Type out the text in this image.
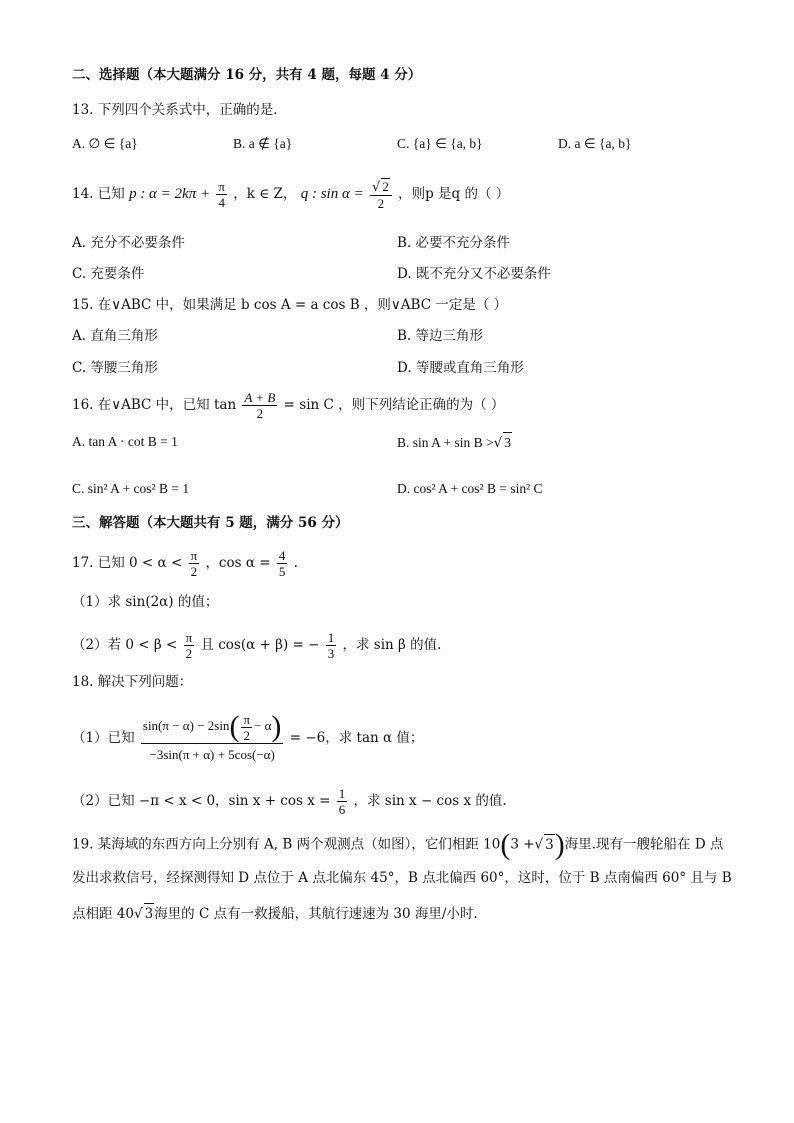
二、选择题（本大题满分 16 分，共有 4 题，每题 4 分）
13. 下列四个关系式中，正确的是.
A. ∅ ∈ {a}	B. a ∉ {a}	C. {a} ∈ {a, b}	D. a ∈ {a, b}
14. 已知 p : $\alpha = 2k\pi + \frac{\pi}{4}$ ，k ∈ Z， q : $\sin \alpha = \frac{√ 2}{2}$ ，则p 是q 的（ ）
A. 充分不必要条件	B. 必要不充分条件
C. 充要条件	D. 既不充分又不必要条件
15. 在∨ABC 中，如果满足 b cos A = a cos B ，则∨ABC 一定是（ ）
A. 直角三角形	B. 等边三角形
C. 等腰三角形	D. 等腰或直角三角形
16. 在∨ABC 中，已知 $\tan \frac{A + B}{2} = \sin C$ ，则下列结论正确的为（ ）
A. tan A · cot B = 1	B. sin A + sin B >√ 3
C. sin² A + cos² B = 1	D. cos² A + cos² B = sin² C
三、解答题（本大题共有 5 题，满分 56 分）
17. 已知 $0 < \alpha < \frac{\pi}{2}$ ，$\cos \alpha = \frac{4}{5}$ .
（1）求 sin(2α) 的值；
（2）若 $0 < \beta < \frac{\pi}{2}$ 且 cos(α + β) = − $\frac{1}{3}$ ，求 sin β 的值.
18. 解决下列问题：
（1）已知 $\frac{\sin(\pi - \alpha) - 2\sin( \frac{\pi}{2} - \alpha)}{-3\sin(\pi + \alpha) + 5\cos(-\alpha)} = -6$，求 tan α 值；
（2）已知 −π < x < 0，$\sin x + \cos x = \frac{1}{6}$ ，求 sin x − cos x 的值.
19. 某海域的东西方向上分别有 A, B 两个观测点（如图），它们相距 10(3 +√ 3)海里.现有一艘轮船在 D 点
发出求救信号，经探测得知 D 点位于 A 点北偏东 45°，B 点北偏西 60°，这时，位于 B 点南偏西 60° 且与 B
点相距 40√ 3海里的 C 点有一救援船，其航行速速为 30 海里/小时.
